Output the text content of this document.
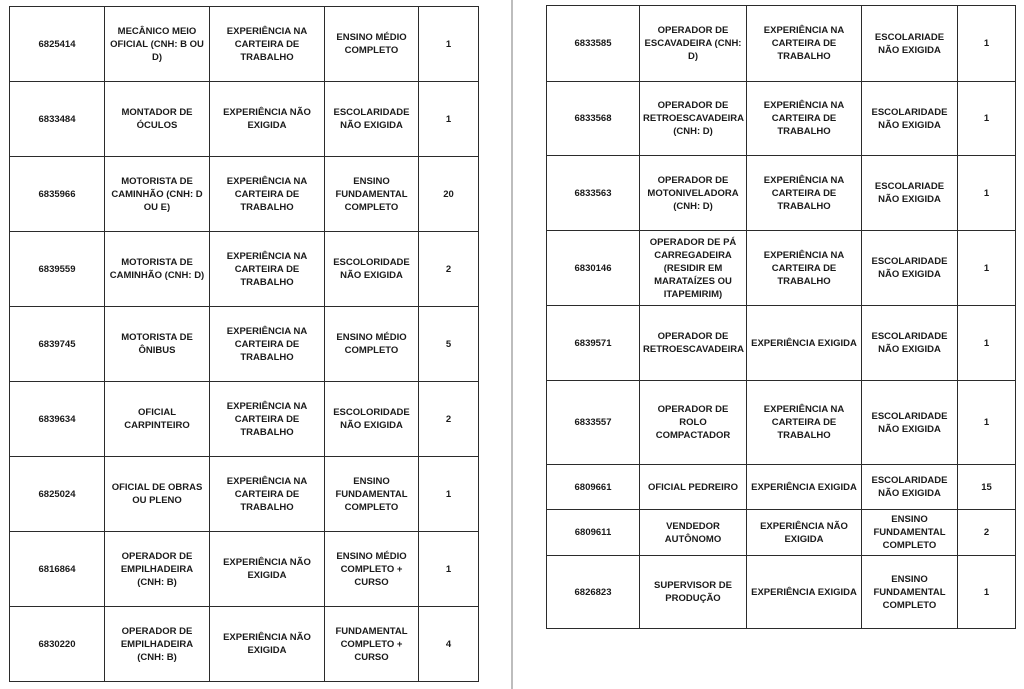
6825414	MECÂNICO MEIO OFICIAL (CNH: B OU D)	EXPERIÊNCIA NA CARTEIRA DE TRABALHO	ENSINO MÉDIO COMPLETO	1
6833484	MONTADOR DE ÓCULOS	EXPERIÊNCIA NÃO EXIGIDA	ESCOLARIDADE NÃO EXIGIDA	1
6835966	MOTORISTA DE CAMINHÃO (CNH: D OU E)	EXPERIÊNCIA NA CARTEIRA DE TRABALHO	ENSINO FUNDAMENTAL COMPLETO	20
6839559	MOTORISTA DE CAMINHÃO (CNH: D)	EXPERIÊNCIA NA CARTEIRA DE TRABALHO	ESCOLORIDADE NÃO EXIGIDA	2
6839745	MOTORISTA DE ÔNIBUS	EXPERIÊNCIA NA CARTEIRA DE TRABALHO	ENSINO MÉDIO COMPLETO	5
6839634	OFICIAL CARPINTEIRO	EXPERIÊNCIA NA CARTEIRA DE TRABALHO	ESCOLORIDADE NÃO EXIGIDA	2
6825024	OFICIAL DE OBRAS OU PLENO	EXPERIÊNCIA NA CARTEIRA DE TRABALHO	ENSINO FUNDAMENTAL COMPLETO	1
6816864	OPERADOR DE EMPILHADEIRA (CNH: B)	EXPERIÊNCIA NÃO EXIGIDA	ENSINO MÉDIO COMPLETO + CURSO	1
6830220	OPERADOR DE EMPILHADEIRA (CNH: B)	EXPERIÊNCIA NÃO EXIGIDA	FUNDAMENTAL COMPLETO + CURSO	4
6833585	OPERADOR DE ESCAVADEIRA (CNH: D)	EXPERIÊNCIA NA CARTEIRA DE TRABALHO	ESCOLARIADE NÃO EXIGIDA	1
6833568	OPERADOR DE RETROESCAVADEIRA (CNH: D)	EXPERIÊNCIA NA CARTEIRA DE TRABALHO	ESCOLARIDADE NÃO EXIGIDA	1
6833563	OPERADOR DE MOTONIVELADORA (CNH: D)	EXPERIÊNCIA NA CARTEIRA DE TRABALHO	ESCOLARIADE NÃO EXIGIDA	1
6830146	OPERADOR DE PÁ CARREGADEIRA (RESIDIR EM MARATAÍZES OU ITAPEMIRIM)	EXPERIÊNCIA NA CARTEIRA DE TRABALHO	ESCOLARIDADE NÃO EXIGIDA	1
6839571	OPERADOR DE RETROESCAVADEIRA	EXPERIÊNCIA EXIGIDA	ESCOLARIDADE NÃO EXIGIDA	1
6833557	OPERADOR DE ROLO COMPACTADOR	EXPERIÊNCIA NA CARTEIRA DE TRABALHO	ESCOLARIDADE NÃO EXIGIDA	1
6809661	OFICIAL PEDREIRO	EXPERIÊNCIA EXIGIDA	ESCOLARIDADE NÃO EXIGIDA	15
6809611	VENDEDOR AUTÔNOMO	EXPERIÊNCIA NÃO EXIGIDA	ENSINO FUNDAMENTAL COMPLETO	2
6826823	SUPERVISOR DE PRODUÇÃO	EXPERIÊNCIA EXIGIDA	ENSINO FUNDAMENTAL COMPLETO	1
